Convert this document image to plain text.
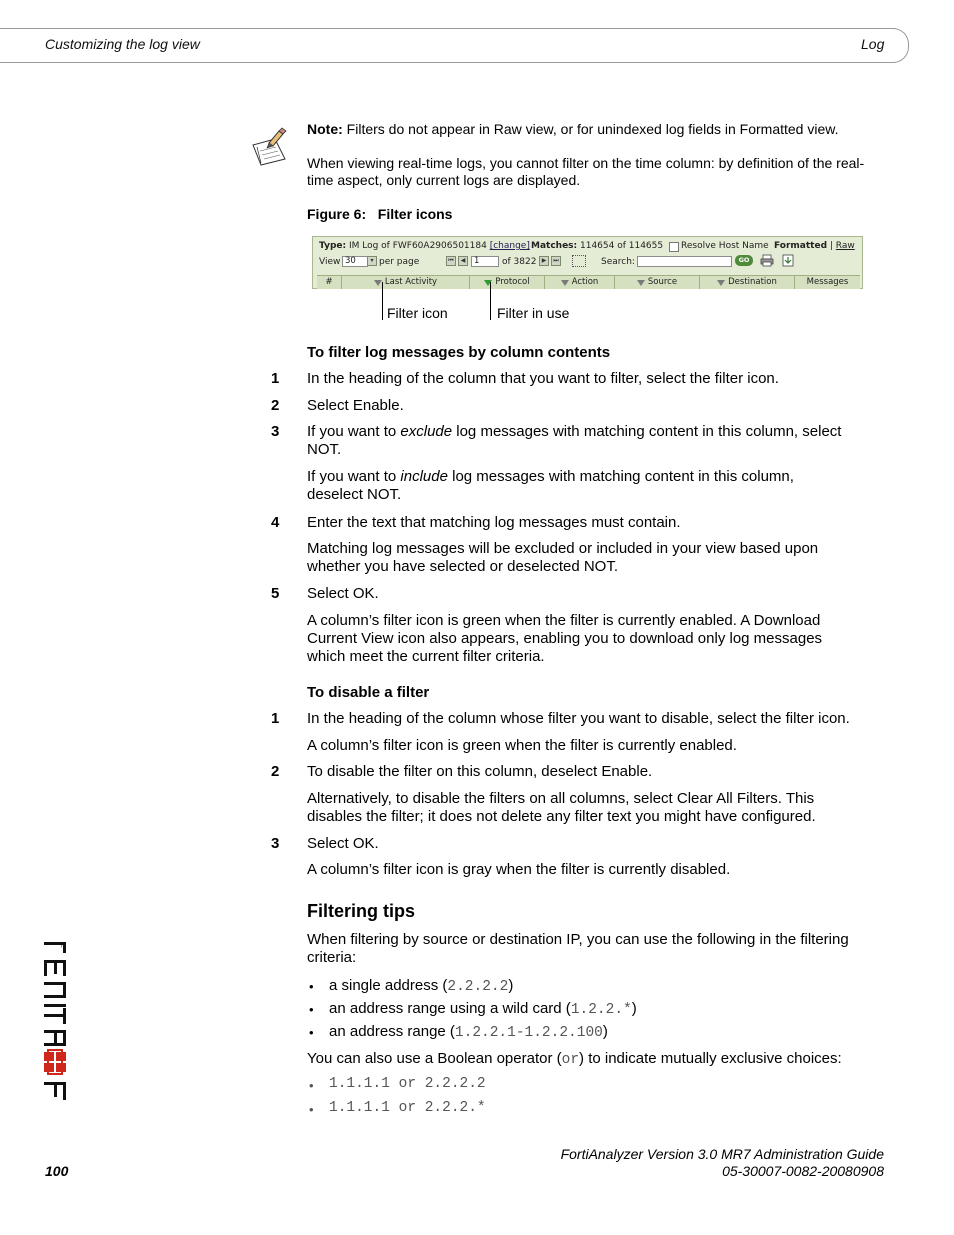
Customizing the log view	Log
Note: Filters do not appear in Raw view, or for unindexed log fields in Formatted view.
When viewing real-time logs, you cannot filter on the time column: by definition of the real-
time aspect, only current logs are displayed.
Figure 6:   Filter icons
Type: IM Log of FWF60A2906501184 [change] Matches: 114654 of 114655 Resolve Host Name Formatted | Raw
View 30	▾ per page	⏮	◀	1	of 3822 ▶	⏭	Search:	GO
#	Last Activity	Protocol	Action	Source	Destination	Messages
Filter icon	Filter in use
To filter log messages by column contents
1 In the heading of the column that you want to filter, select the filter icon.
2 Select Enable.
3 If you want to exclude log messages with matching content in this column, select
NOT.
If you want to include log messages with matching content in this column,
deselect NOT.
4 Enter the text that matching log messages must contain.
Matching log messages will be excluded or included in your view based upon
whether you have selected or deselected NOT.
5 Select OK.
A column’s filter icon is green when the filter is currently enabled. A Download
Current View icon also appears, enabling you to download only log messages
which meet the current filter criteria.
To disable a filter
1 In the heading of the column whose filter you want to disable, select the filter icon.
A column’s filter icon is green when the filter is currently enabled.
2 To disable the filter on this column, deselect Enable.
Alternatively, to disable the filters on all columns, select Clear All Filters. This
disables the filter; it does not delete any filter text you might have configured.
3 Select OK.
A column’s filter icon is gray when the filter is currently disabled.
Filtering tips
When filtering by source or destination IP, you can use the following in the filtering
criteria:
• a single address (2.2.2.2)
• an address range using a wild card (1.2.2.*)
• an address range (1.2.2.1-1.2.2.100)
You can also use a Boolean operator (or) to indicate mutually exclusive choices:
• 1.1.1.1 or 2.2.2.2
• 1.1.1.1 or 2.2.2.*
™
100
FortiAnalyzer Version 3.0 MR7 Administration Guide
05-30007-0082-20080908
